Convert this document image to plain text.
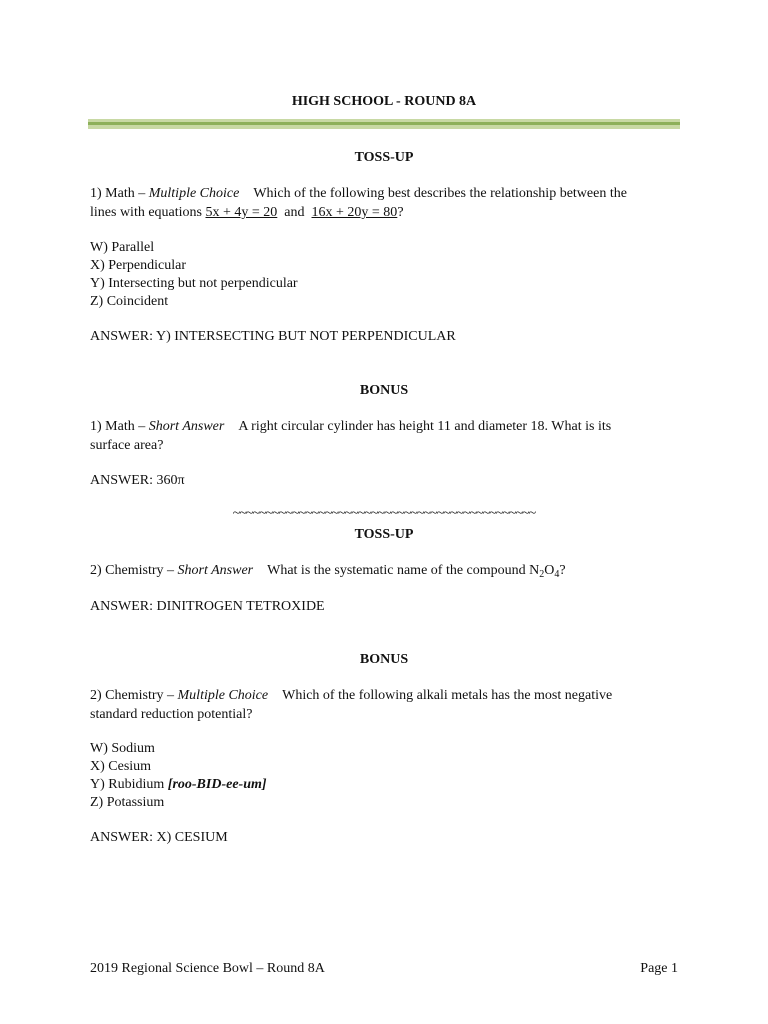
HIGH SCHOOL - ROUND 8A
TOSS-UP
1) Math – Multiple Choice Which of the following best describes the relationship between the
lines with equations 5x + 4y = 20 and 16x + 20y = 80?
W) Parallel
X) Perpendicular
Y) Intersecting but not perpendicular
Z) Coincident
ANSWER: Y) INTERSECTING BUT NOT PERPENDICULAR
BONUS
1) Math – Short Answer A right circular cylinder has height 11 and diameter 18. What is its
surface area?
ANSWER: 360π
~~~~~~~~~~~~~~~~~~~~~~~~~~~~~~~~~~~~~~~~~~~~~~
TOSS-UP
2) Chemistry – Short Answer What is the systematic name of the compound $N_2O_4$?
ANSWER: DINITROGEN TETROXIDE
BONUS
2) Chemistry – Multiple Choice Which of the following alkali metals has the most negative
standard reduction potential?
W) Sodium
X) Cesium
Y) Rubidium [roo-BID-ee-um]
Z) Potassium
ANSWER: X) CESIUM
2019 Regional Science Bowl – Round 8A	Page 1
